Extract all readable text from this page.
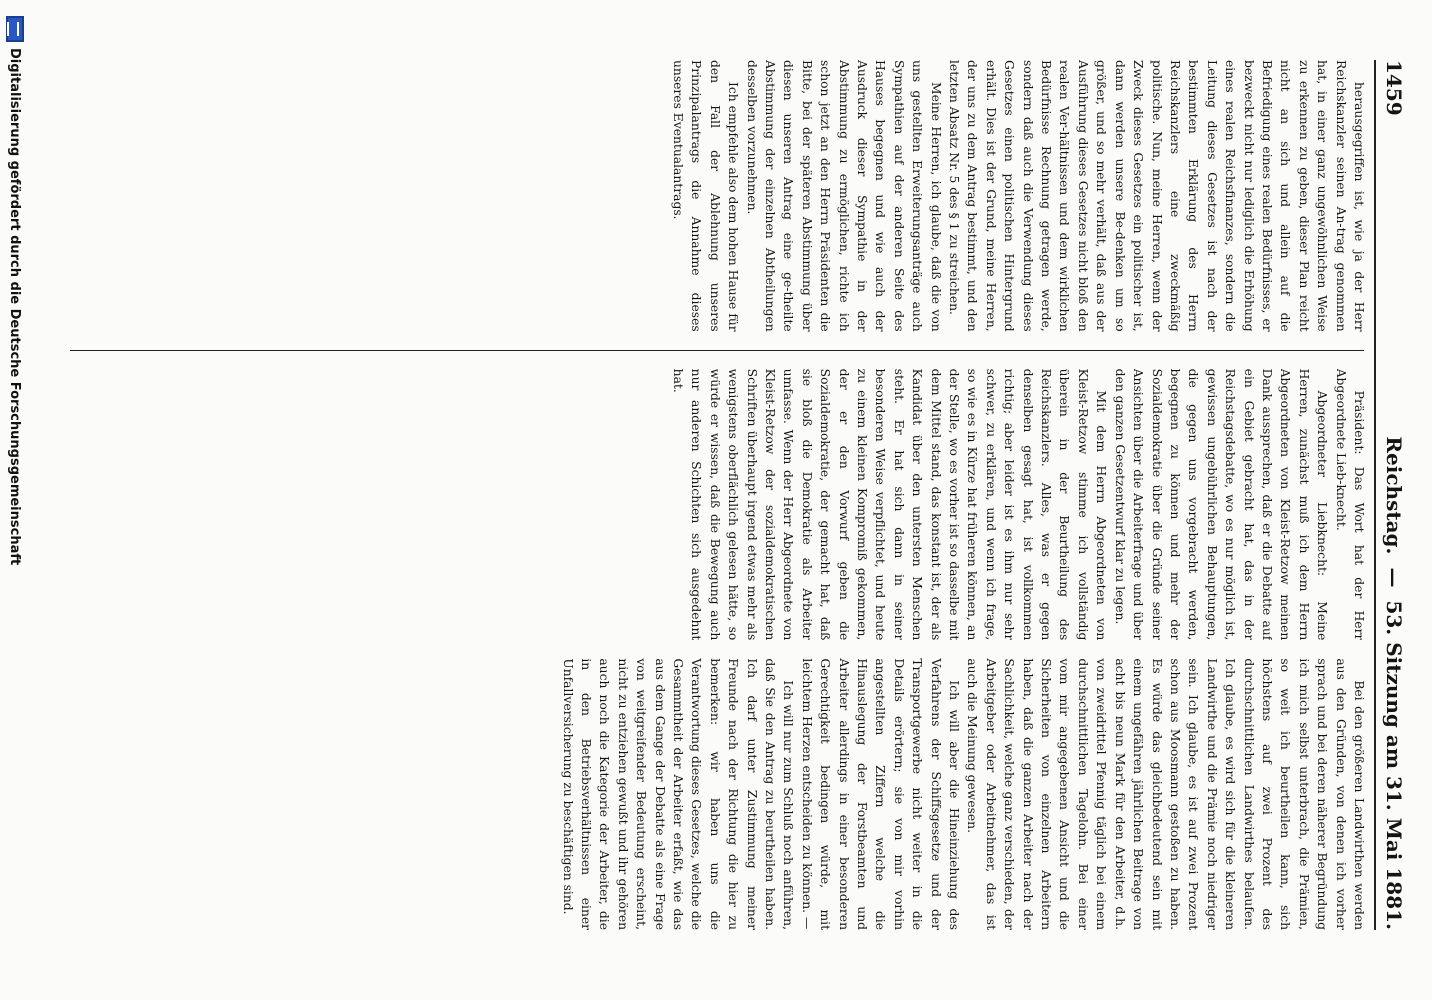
1459
Reichstag. — 53. Sitzung am 31. Mai 1881.

herausgegriffen ist, wie ja der Herr Reichskanzler seinen An-trag genommen hat, in einer ganz ungewöhnlichen Weise zu erkennen zu geben, dieser Plan reicht nicht an sich und allein auf die Befriedigung eines realen Bedürfnisses, er bezweckt nicht nur lediglich die Erhöhung eines realen Reichsfinanzes, sondern die Leitung dieses Gesetzes ist nach der bestimmten Erklärung des Herrn Reichskanzlers eine zweckmäßig politische. Nun, meine Herren, wenn der Zweck dieses Gesetzes ein politischer ist, dann werden unsere Be-denken um so größer, und so mehr verhält, daß aus der Ausführung dieses Gesetzes nicht bloß den realen Ver-hältnissen und dem wirklichen Bedürfnisse Rechnung getragen werde, sondern daß auch die Verwendung dieses Gesetzes einen politischen Hintergrund erhält. Dies ist der Grund, meine Herren, der uns zu dem Antrag bestimmt, und den letzten Absatz Nr. 5 des § 1 zu streichen.

Meine Herren, ich glaube, daß die von uns gestellten Erweiterungsanträge auch Sympathien auf der anderen Seite des Hauses begegnen und wie auch der Ausdruck dieser Sympathie in der Abstimmung zu ermöglichen, richte ich schon jetzt an den Herrn Präsidenten die Bitte, bei der späteren Abstimmung über diesen unseren Antrag eine ge-theilte Abstimmung der einzelnen Abtheilungen desselben vorzunehmen.

Ich empfehle also dem hohen Hause für den Fall der Ablehnung unseres Prinzipalantrags die Annahme dieses unseres Eventualantrags.

Präsident: Das Wort hat der Herr Abgeordnete Lieb-knecht.

Abgeordneter Liebknecht: Meine Herren, zunächst muß ich dem Herrn Abgeordneten von Kleist-Retzow meinen Dank aussprechen, daß er die Debatte auf ein Gebiet gebracht hat, das in der Reichstagsdebatte, wo es nur möglich ist, gewissen ungebührlichen Behauptungen, die gegen uns vorgebracht werden, begegnen zu können und mehr der Sozialdemokratie über die Gründe seiner Ansichten über die Arbeiterfrage und über den ganzen Gesetzentwurf klar zu legen.

Mit dem Herrn Abgeordneten von Kleist-Retzow stimme ich vollständig überein in der Beurtheilung des Reichskanzlers. Alles, was er gegen denselben gesagt hat, ist vollkommen richtig; aber leider ist es ihm nur sehr schwer, zu erklären, und wenn ich frage, so wie es in Kürze hat früheren können, an der Stelle, wo es vorher ist so dasselbe mit dem Mittel stand, das konstant ist, der als Kandidat über den untersten Menschen steht. Er hat sich dann in seiner besonderen Weise verpflichtet, und heute zu einem kleinen Kompromiß gekommen, der er den Vorwurf geben die Sozialdemokratie, der gemacht hat, daß sie bloß die Demokratie als Arbeiter umfasse. Wenn der Herr Abgeordnete von Kleist-Retzow der sozialdemokratischen Schriften überhaupt irgend etwas mehr als wenigstens oberflächlich gelesen hätte, so würde er wissen, daß die Bewegung auch nur anderen Schichten sich ausgedehnt hat.

Bei den größeren Landwirthen werden aus den Gründen, von denen ich vorher sprach und bei deren näherer Begründung ich mich selbst unterbrach, die Prämien, so weit ich beurtheilen kann, sich höchstens auf zwei Prozent des durchschnittlichen Landwirthes belaufen. Ich glaube, es wird sich für die kleineren Landwirthe und die Prämie noch niedriger sein. Ich glaube, es ist auf zwei Prozent schon aus Moosmann gestoßen zu haben. Es würde das gleichbedeutend sein mit einem ungefähren jährlichen Beitrage von acht bis neun Mark für den Arbeiter, d.h. von zweidrittel Pfennig täglich bei einem durchschnittlichen Tagelohn. Bei einer vom mir angegebenen Ansicht und die Sicherheiten von einzelnen Arbeitern haben, daß die ganzen Arbeiter nach der Sachlichkeit, welche ganz verschieden, der Arbeitgeber oder Arbeitnehmer, das ist auch die Meinung gewesen.

Ich will aber die Hineinziehung des Verfahrens der Schiffsgesetze und der Transportgewerbe nicht weiter in die Details erörtern; sie von mir vorhin angestellten Ziffern welche die Hinauslegung der Forstbeamten und Arbeiter allerdings in einer besonderen Gerechtigkeit bedingen würde, mit leichtem Herzen entscheiden zu können. —

Ich will nur zum Schluß noch anführen, daß Sie den Antrag zu beurtheilen haben. Ich darf unter Zustimmung meiner Freunde nach der Richtung die hier zu bemerken: wir haben uns die Verantwortung dieses Gesetzes, welche die Gesammtheit der Arbeiter erfaßt, wie das aus dem Gange der Debatte als eine Frage von weitgreifender Bedeutung erscheint, nicht zu entziehen gewußt und ihr gehören auch noch die Kategorie der Arbeiter, die in den Betriebsverhältnissen einer Unfallversicherung zu beschäftigen sind.

Digitalisierung gefördert durch die Deutsche Forschungsgemeinschaft
